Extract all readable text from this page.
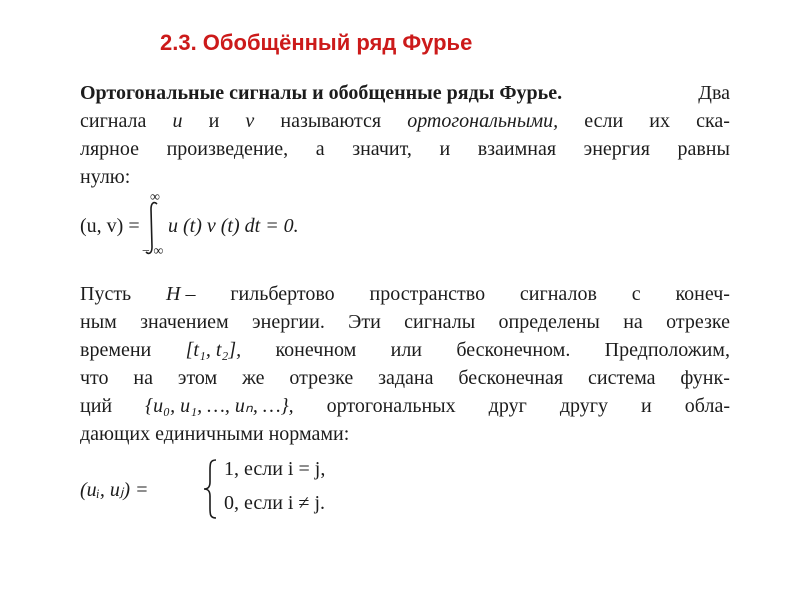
2.3. Обобщённый ряд Фурье
Ортогональные сигналы и обобщенные ряды Фурье.	Два
сигнала u и v называются ортогональными, если их ска-
лярное произведение, а значит, и взаимная энергия равны
нулю:
(u, v) =
∞
− ∞
u (t) v (t) dt = 0.
Пусть H – гильбертово пространство сигналов с конеч-
ным значением энергии. Эти сигналы определены на отрезке
времени [t₁, t₂], конечном или бесконечном. Предположим,
что на этом же отрезке задана бесконечная система функ-
ций {u₀, u₁, …, uₙ, …}, ортогональных друг другу и обла-
дающих
единичными
нормами:
(uᵢ, uⱼ) =
1, если i = j,
0, если i ≠ j.
